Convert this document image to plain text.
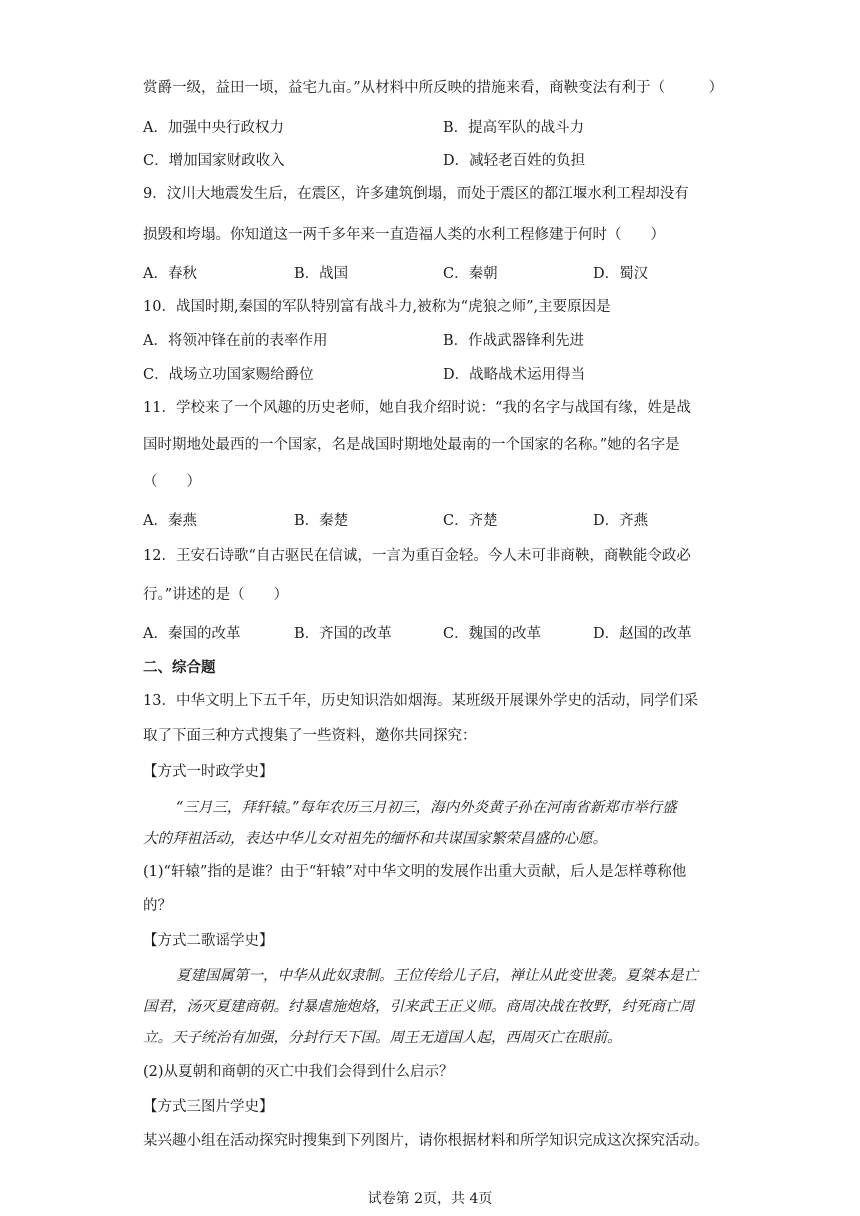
赏爵一级，益田一顷，益宅九亩。”从材料中所反映的措施来看，商鞅变法有利于（　　　）
A．加强中央行政权力	B．提高军队的战斗力
C．增加国家财政收入	D．减轻老百姓的负担
9．汶川大地震发生后，在震区，许多建筑倒塌，而处于震区的都江堰水利工程却没有
损毁和垮塌。你知道这一两千多年来一直造福人类的水利工程修建于何时（　　）
A．春秋	B．战国	C．秦朝	D．蜀汉
10．战国时期,秦国的军队特别富有战斗力,被称为“虎狼之师”,主要原因是
A．将领冲锋在前的表率作用	B．作战武器锋利先进
C．战场立功国家赐给爵位	D．战略战术运用得当
11．学校来了一个风趣的历史老师，她自我介绍时说：“我的名字与战国有缘，姓是战
国时期地处最西的一个国家，名是战国时期地处最南的一个国家的名称。”她的名字是
（　　）
A．秦燕	B．秦楚	C．齐楚	D．齐燕
12．王安石诗歌“自古驱民在信诚，一言为重百金轻。今人未可非商鞅，商鞅能令政必
行。”讲述的是（　　）
A．秦国的改革	B．齐国的改革	C．魏国的改革	D．赵国的改革
二、综合题
13．中华文明上下五千年，历史知识浩如烟海。某班级开展课外学史的活动，同学们采
取了下面三种方式搜集了一些资料，邀你共同探究：
【方式一时政学史】
“三月三，拜轩辕。”每年农历三月初三，海内外炎黄子孙在河南省新郑市举行盛
大的拜祖活动，表达中华儿女对祖先的缅怀和共谋国家繁荣昌盛的心愿。
(1)“轩辕”指的是谁？由于“轩辕”对中华文明的发展作出重大贡献，后人是怎样尊称他
的？
【方式二歌谣学史】
夏建国属第一，中华从此奴隶制。王位传给儿子启，禅让从此变世袭。夏桀本是亡
国君，汤灭夏建商朝。纣暴虐施炮烙，引来武王正义师。商周决战在牧野，纣死商亡周
立。天子统治有加强，分封行天下国。周王无道国人起，西周灭亡在眼前。
(2)从夏朝和商朝的灭亡中我们会得到什么启示？
【方式三图片学史】
某兴趣小组在活动探究时搜集到下列图片，请你根据材料和所学知识完成这次探究活动。
试卷第 2页，共 4页
